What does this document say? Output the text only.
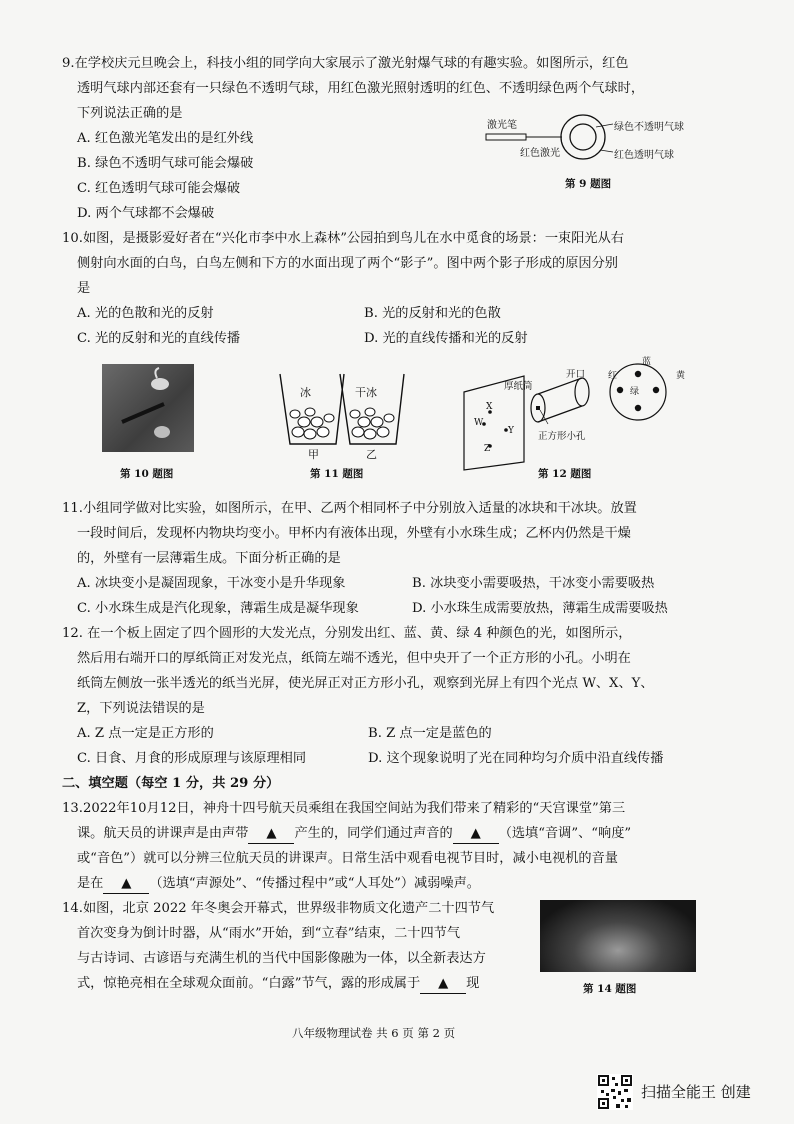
9.在学校庆元旦晚会上，科技小组的同学向大家展示了激光射爆气球的有趣实验。如图所示，红色
透明气球内部还套有一只绿色不透明气球，用红色激光照射透明的红色、不透明绿色两个气球时，
下列说法正确的是
A. 红色激光笔发出的是红外线
B. 绿色不透明气球可能会爆破
C. 红色透明气球可能会爆破
D. 两个气球都不会爆破
激光笔
红色激光
绿色不透明气球
红色透明气球
第 9 题图
10.如图，是摄影爱好者在“兴化市李中水上森林”公园拍到鸟儿在水中觅食的场景：一束阳光从右
侧射向水面的白鸟，白鸟左侧和下方的水面出现了两个“影子”。图中两个影子形成的原因分别
是
A. 光的色散和光的反射	B. 光的反射和光的色散
C. 光的反射和光的直线传播	D. 光的直线传播和光的反射
第 10 题图
冰	干冰
甲	乙
第 11 题图
厚纸筒
开口
正方形小孔
X
W
Y
Z
蓝
红	黄
绿
第 12 题图
11.小组同学做对比实验，如图所示，在甲、乙两个相同杯子中分别放入适量的冰块和干冰块。放置
一段时间后，发现杯内物块均变小。甲杯内有液体出现，外壁有小水珠生成；乙杯内仍然是干燥
的，外壁有一层薄霜生成。下面分析正确的是
A. 冰块变小是凝固现象，干冰变小是升华现象	B. 冰块变小需要吸热，干冰变小需要吸热
C. 小水珠生成是汽化现象，薄霜生成是凝华现象	D. 小水珠生成需要放热，薄霜生成需要吸热
12. 在一个板上固定了四个圆形的大发光点，分别发出红、蓝、黄、绿 4 种颜色的光，如图所示，
然后用右端开口的厚纸筒正对发光点，纸筒左端不透光，但中央开了一个正方形的小孔。小明在
纸筒左侧放一张半透光的纸当光屏，使光屏正对正方形小孔，观察到光屏上有四个光点 W、X、Y、
Z，下列说法错误的是
A. Z 点一定是正方形的	B. Z 点一定是蓝色的
C. 日食、月食的形成原理与该原理相同	D. 这个现象说明了光在同种均匀介质中沿直线传播
二、填空题（每空 1 分，共 29 分）
13.2022年10月12日，神舟十四号航天员乘组在我国空间站为我们带来了精彩的“天宫课堂”第三
课。航天员的讲课声是由声带 ▲ 产生的，同学们通过声音的 ▲ （选填“音调”、“响度”
或“音色”）就可以分辨三位航天员的讲课声。日常生活中观看电视节目时，减小电视机的音量
是在 ▲ （选填“声源处”、“传播过程中”或“人耳处”）减弱噪声。
14.如图，北京 2022 年冬奥会开幕式，世界级非物质文化遗产二十四节气
首次变身为倒计时器，从“雨水”开始，到“立春”结束，二十四节气
与古诗词、古谚语与充满生机的当代中国影像融为一体，以全新表达方
式，惊艳亮相在全球观众面前。“白露”节气，露的形成属于 ▲ 现	第 14 题图
八年级物理试卷 共 6 页 第 2 页
扫描全能王 创建
